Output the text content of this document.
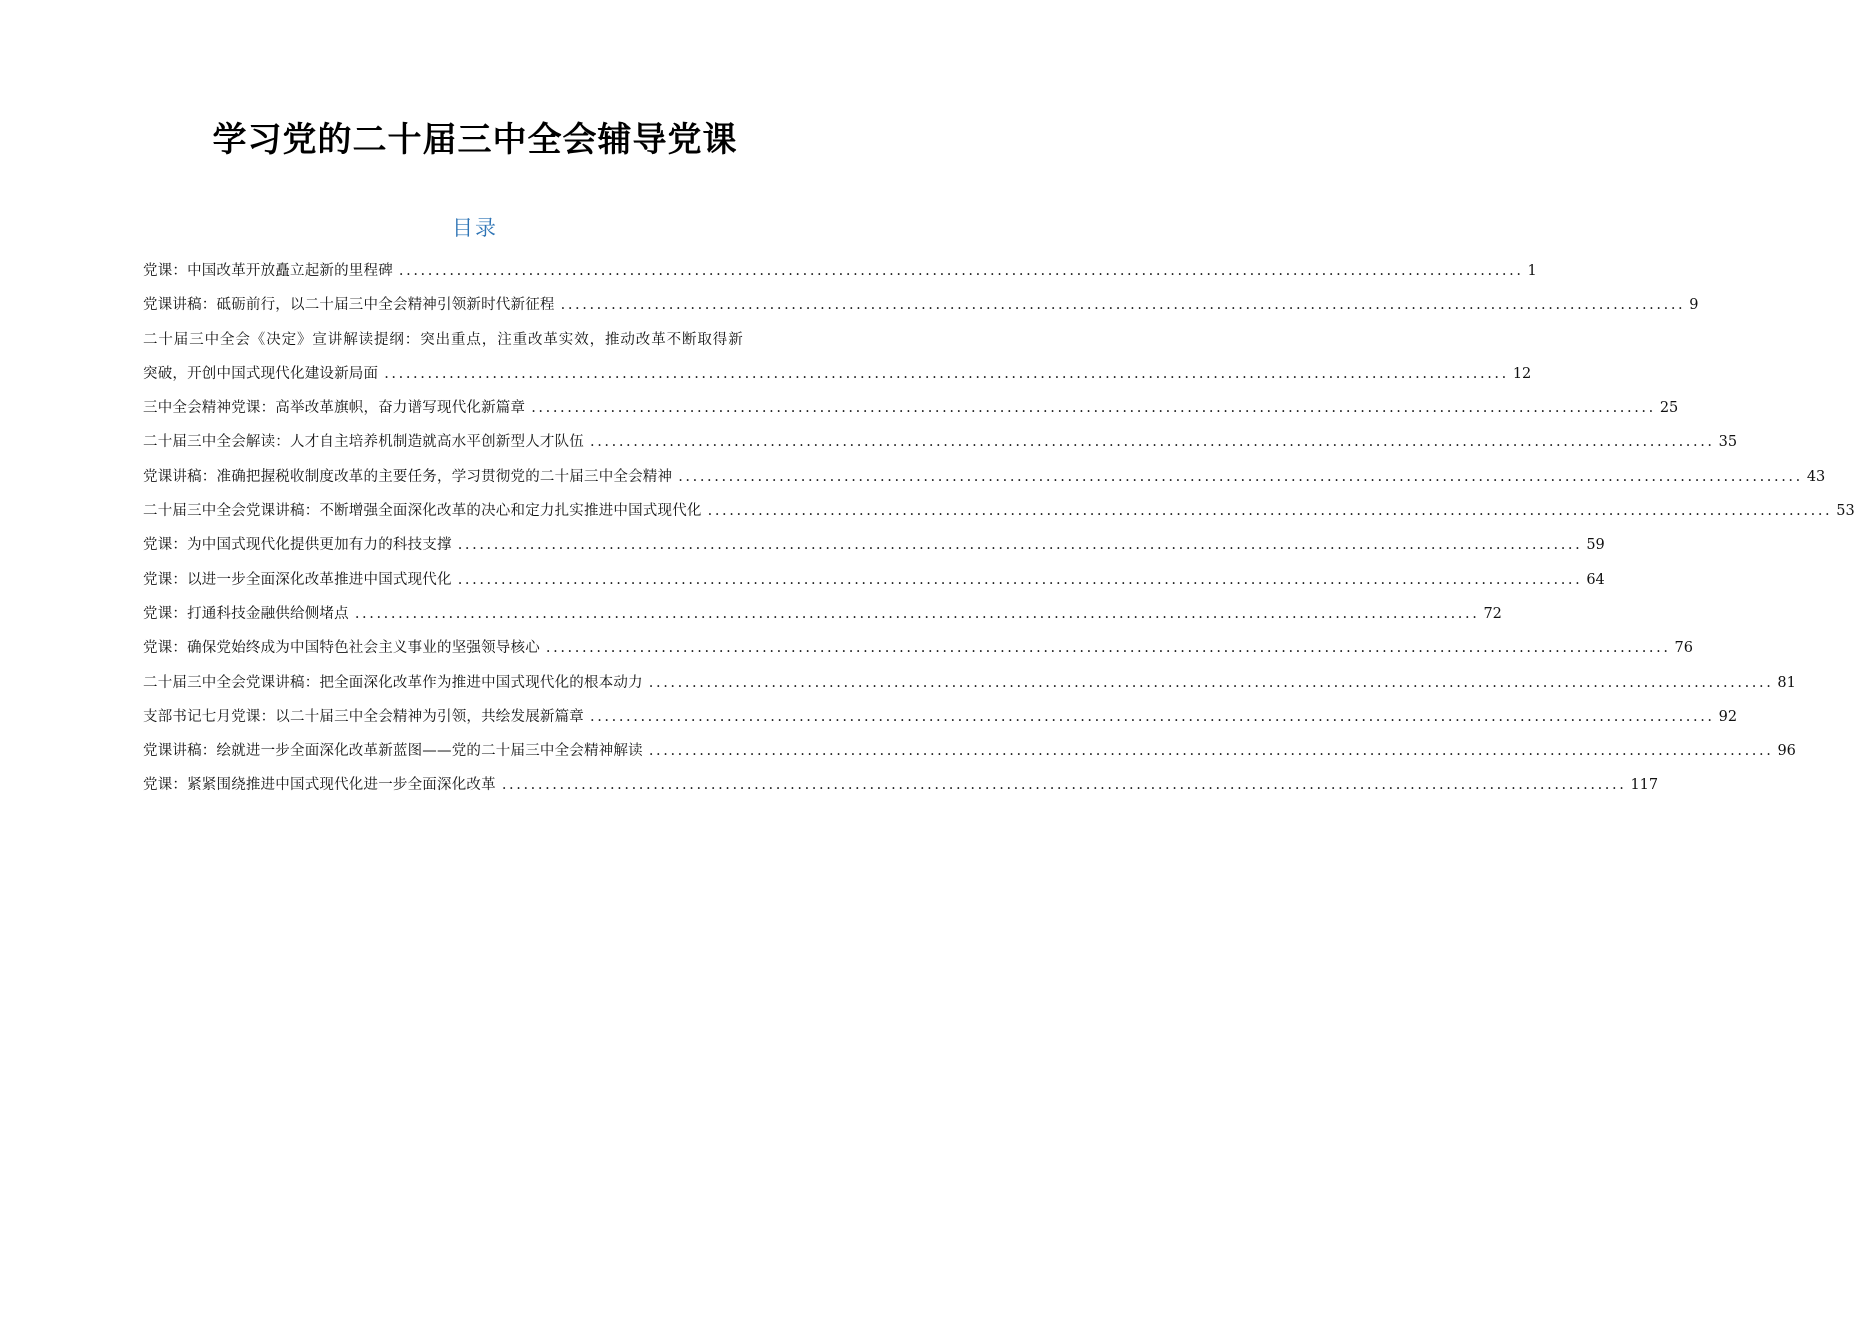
学习党的二十届三中全会辅导党课
目录
党课：中国改革开放矗立起新的里程碑 ............................................................................................................................................................ 1
党课讲稿：砥砺前行，以二十届三中全会精神引领新时代新征程 ............................................................................................................................................................ 9
二十届三中全会《决定》宣讲解读提纲：突出重点，注重改革实效，推动改革不断取得新
突破，开创中国式现代化建设新局面 ............................................................................................................................................................ 12
三中全会精神党课：高举改革旗帜，奋力谱写现代化新篇章 ............................................................................................................................................................ 25
二十届三中全会解读：人才自主培养机制造就高水平创新型人才队伍 ............................................................................................................................................................ 35
党课讲稿：准确把握税收制度改革的主要任务，学习贯彻党的二十届三中全会精神 ............................................................................................................................................................ 43
二十届三中全会党课讲稿：不断增强全面深化改革的决心和定力扎实推进中国式现代化 ............................................................................................................................................................ 53
党课：为中国式现代化提供更加有力的科技支撑 ............................................................................................................................................................ 59
党课：以进一步全面深化改革推进中国式现代化 ............................................................................................................................................................ 64
党课：打通科技金融供给侧堵点 ............................................................................................................................................................ 72
党课：确保党始终成为中国特色社会主义事业的坚强领导核心 ............................................................................................................................................................ 76
二十届三中全会党课讲稿：把全面深化改革作为推进中国式现代化的根本动力 ............................................................................................................................................................ 81
支部书记七月党课：以二十届三中全会精神为引领，共绘发展新篇章 ............................................................................................................................................................ 92
党课讲稿：绘就进一步全面深化改革新蓝图——党的二十届三中全会精神解读 ............................................................................................................................................................ 96
党课：紧紧围绕推进中国式现代化进一步全面深化改革 ............................................................................................................................................................ 117
